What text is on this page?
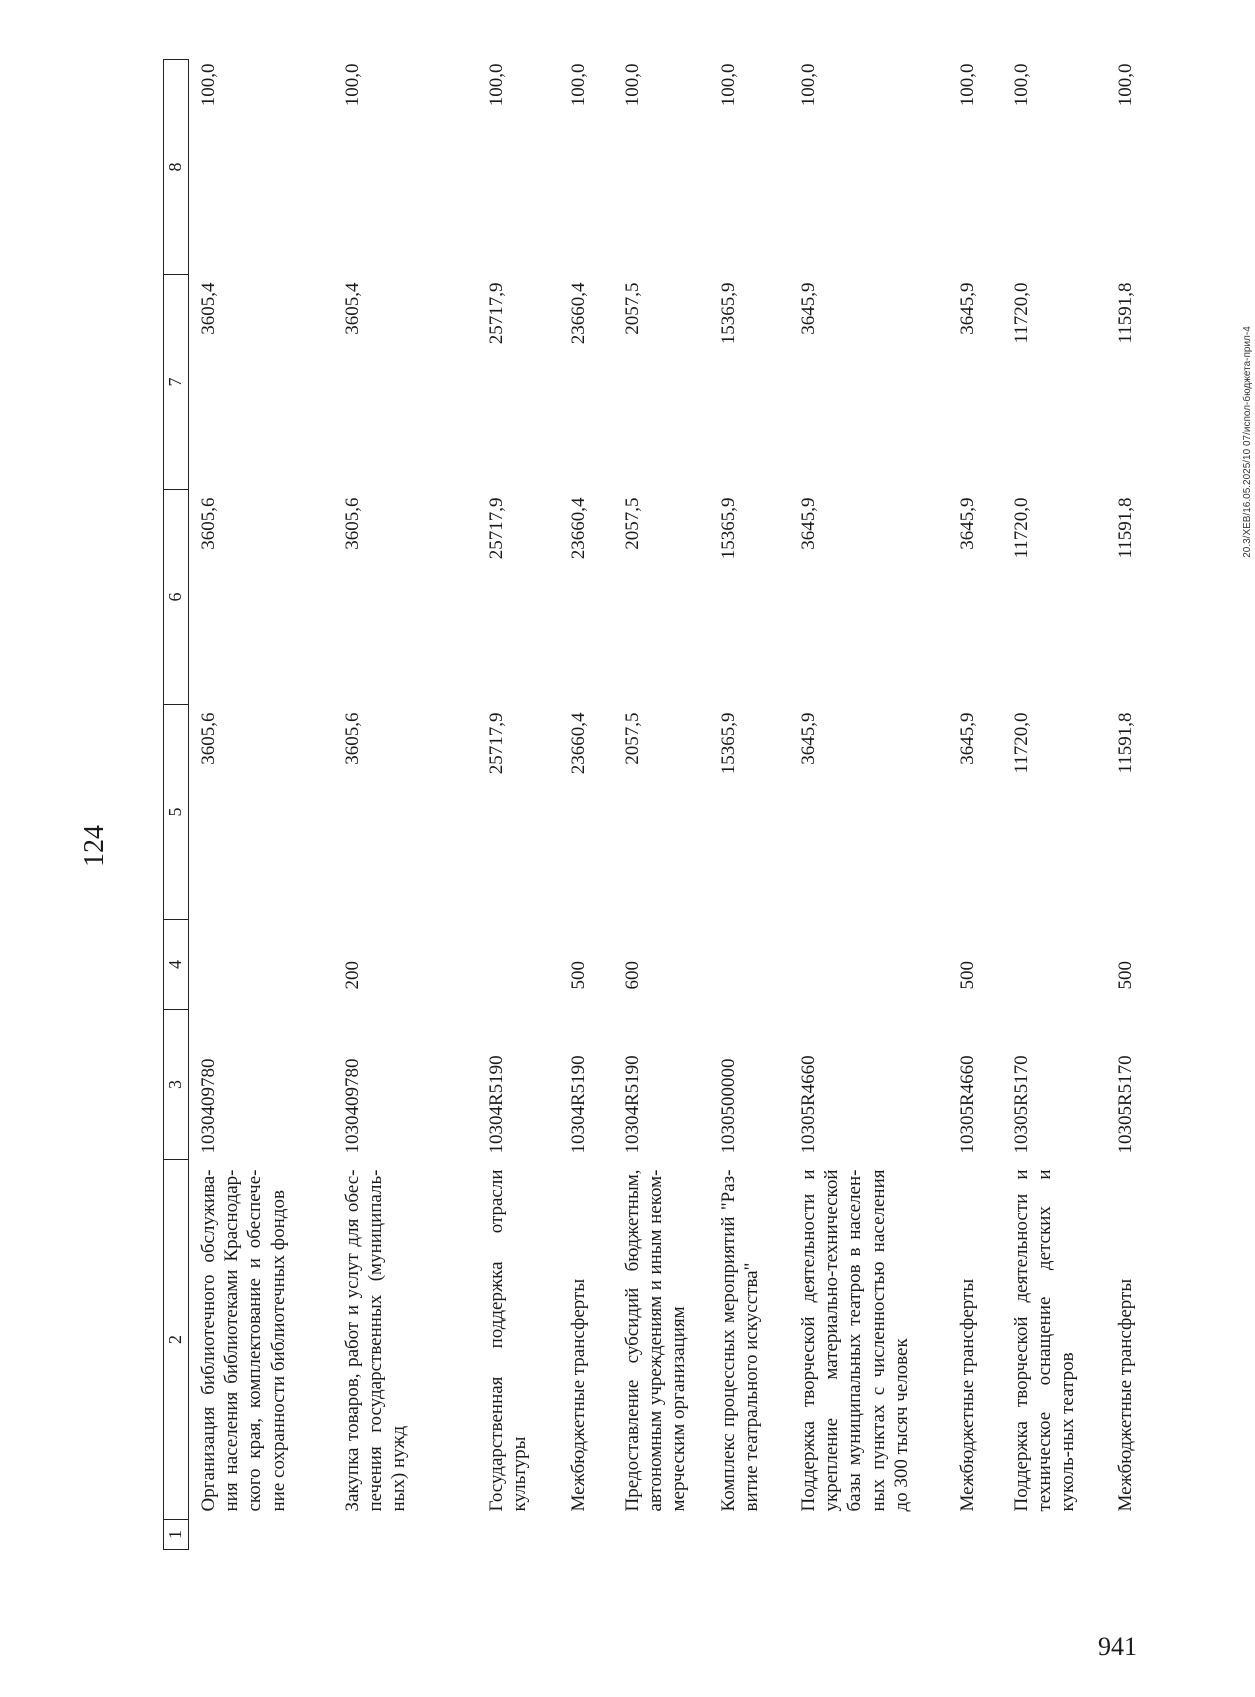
124
20.3/ХЕВ/16.05.2025/10 07/испол-бюджета-прил-4
941
1	2	3	4	5	6	7	8
	Организация библиотечного обслужива-ния населения библиотеками Краснодар-ского края, комплектование и обеспече-ние сохранности библиотечных фондов	1030409780		3605,6	3605,6	3605,4	100,0
	Закупка товаров, работ и услут для обес-печения государственных (муниципаль-ных) нужд	1030409780	200	3605,6	3605,6	3605,4	100,0
	Государственная поддержка отрасли культуры	10304R5190		25717,9	25717,9	25717,9	100,0
	Межбюджетные трансферты	10304R5190	500	23660,4	23660,4	23660,4	100,0
	Предоставление субсидий бюджетным, автономным учреждениям и иным неком-мерческим организациям	10304R5190	600	2057,5	2057,5	2057,5	100,0
	Комплекс процессных мероприятий "Раз-витие театрального искусства"	1030500000		15365,9	15365,9	15365,9	100,0
	Поддержка творческой деятельности и укрепление материально-технической базы муниципальных театров в населен-ных пунктах с численностью населения до 300 тысяч человек	10305R4660		3645,9	3645,9	3645,9	100,0
	Межбюджетные трансферты	10305R4660	500	3645,9	3645,9	3645,9	100,0
	Поддержка творческой деятельности и техническое оснащение детских и куколь-ных театров	10305R5170		11720,0	11720,0	11720,0	100,0
	Межбюджетные трансферты	10305R5170	500	11591,8	11591,8	11591,8	100,0
